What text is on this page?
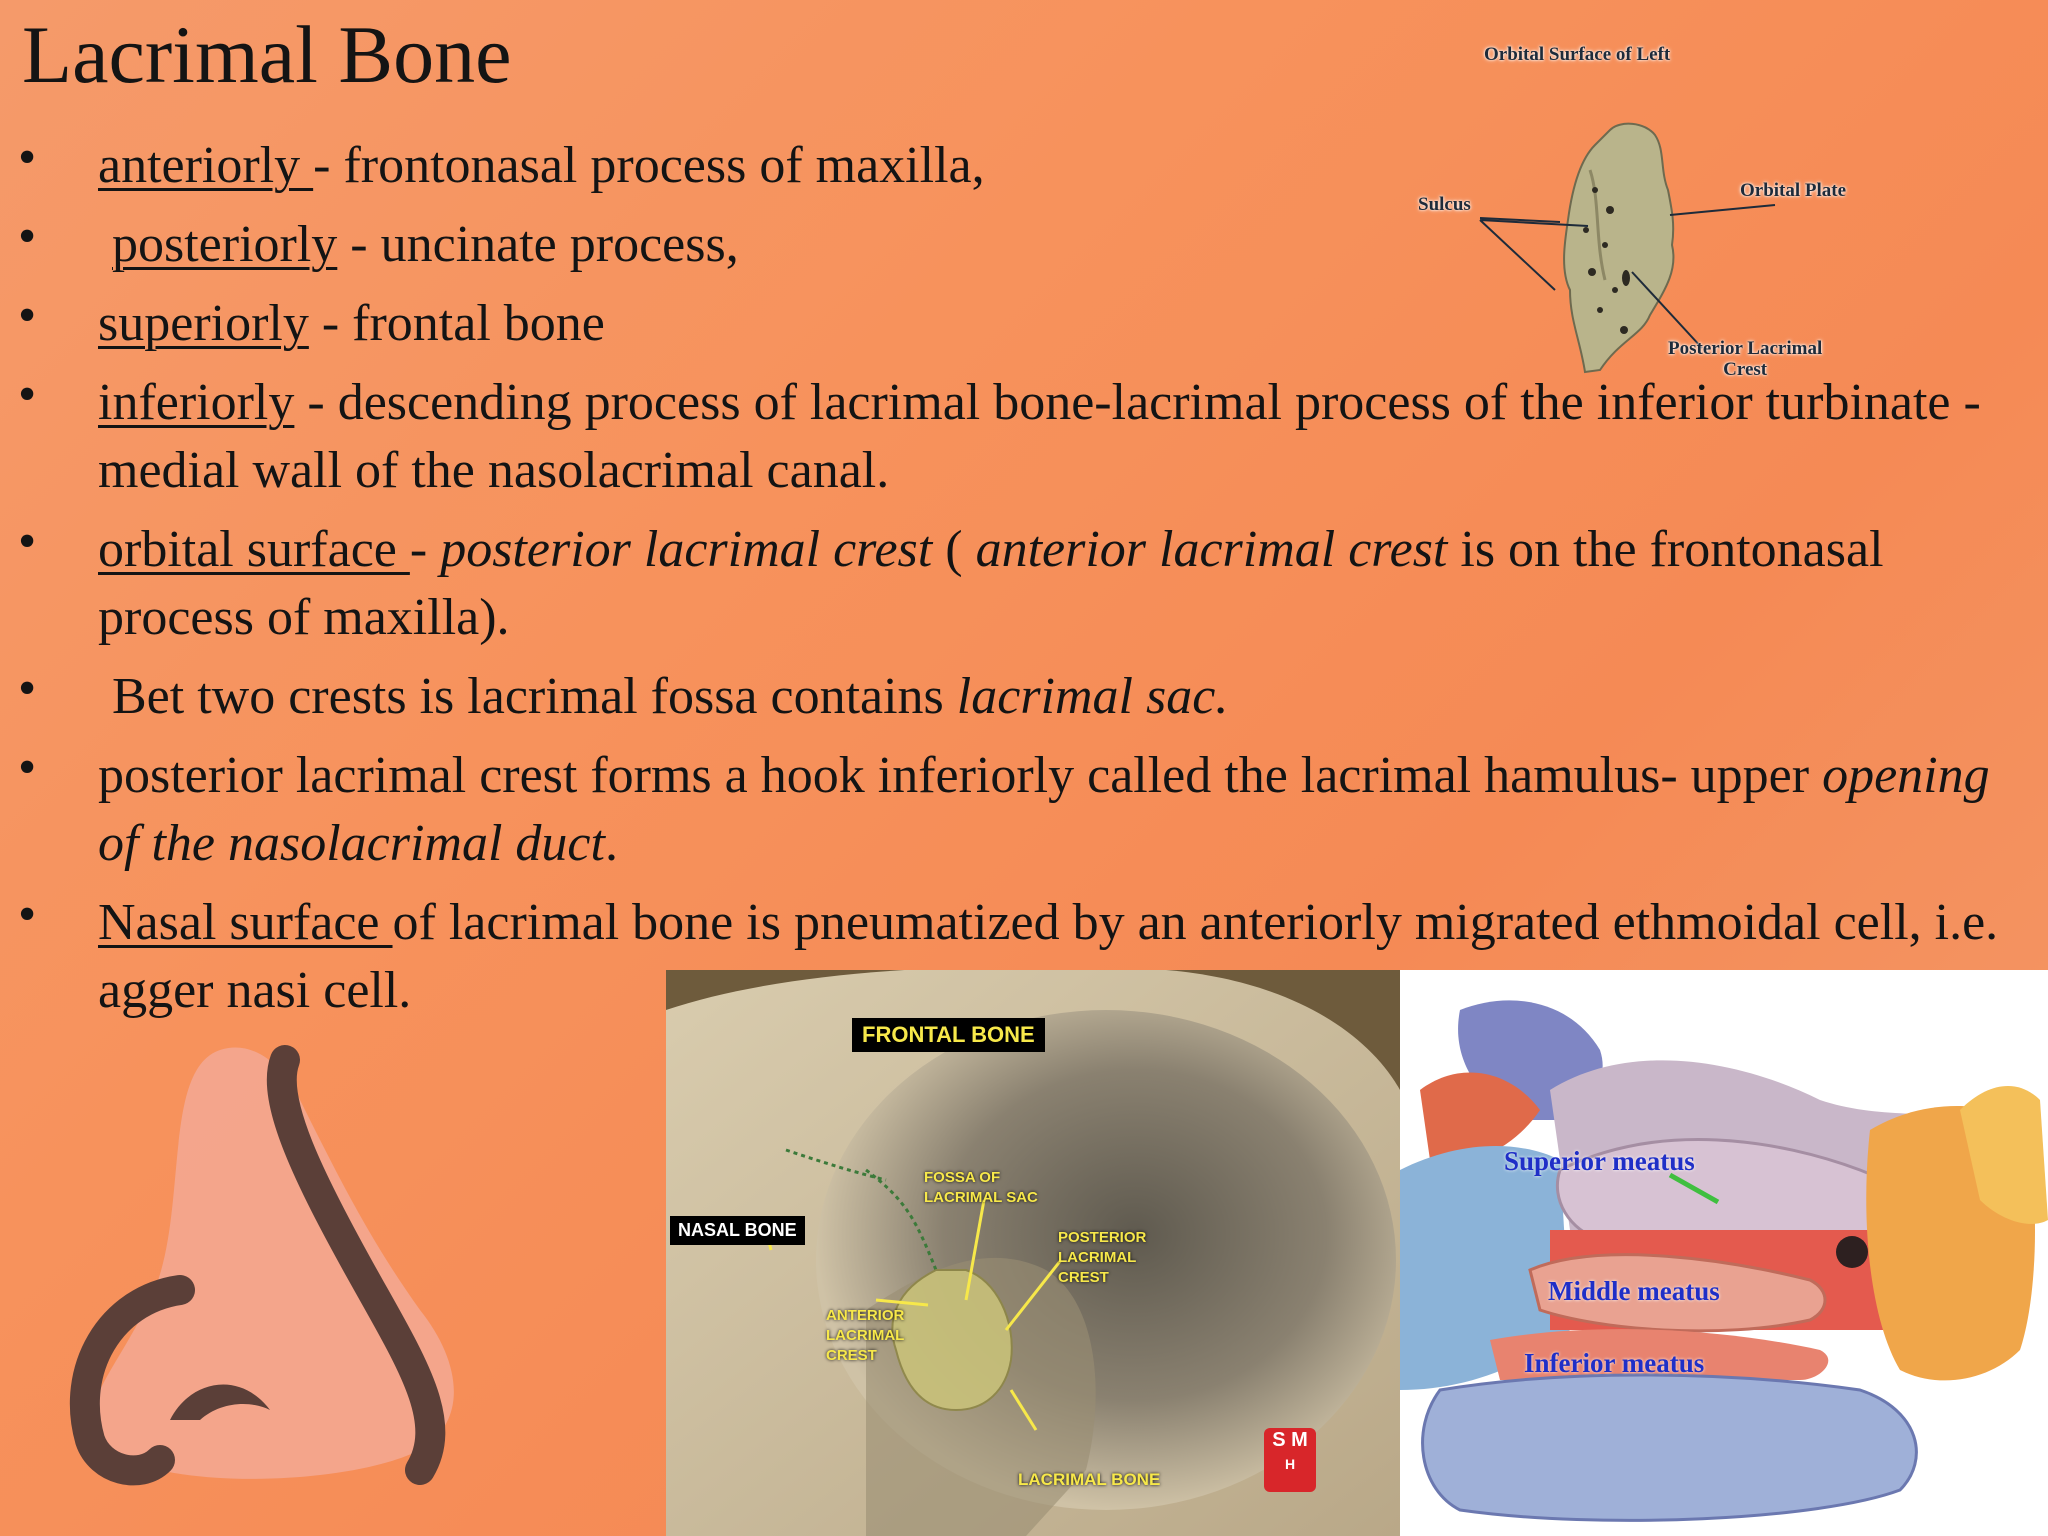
Lacrimal Bone
• anteriorly - frontonasal process of maxilla,
• posteriorly - uncinate process,
• superiorly - frontal bone
• inferiorly - descending process of lacrimal bone-lacrimal process of the inferior turbinate - medial wall of the nasolacrimal canal.
• orbital surface - posterior lacrimal crest ( anterior lacrimal crest is on the frontonasal process of maxilla).
• Bet two crests is lacrimal fossa contains lacrimal sac.
• posterior lacrimal crest forms a hook inferiorly called the lacrimal hamulus- upper opening of the nasolacrimal duct.
• Nasal surface of lacrimal bone is pneumatized by an anteriorly migrated ethmoidal cell, i.e. agger nasi cell.
Orbital Surface of Left
Sulcus
Orbital Plate
Posterior Lacrimal
Crest
FRONTAL BONE
NASAL BONE
FOSSA OF
LACRIMAL SAC
POSTERIOR
LACRIMAL
CREST
ANTERIOR
LACRIMAL
CREST
LACRIMAL BONE
S M
H
Superior meatus
Middle meatus
Inferior meatus
